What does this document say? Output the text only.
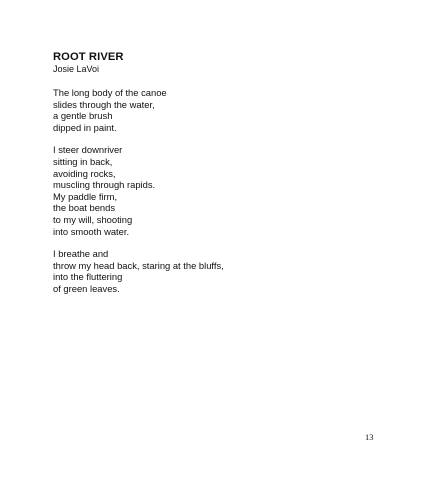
ROOT RIVER
Josie LaVoi
The long body of the canoe
slides through the water,
a gentle brush
dipped in paint.
I steer downriver
sitting in back,
avoiding rocks,
muscling through rapids.
My paddle firm,
the boat bends
to my will, shooting
into smooth water.
I breathe and
throw my head back, staring at the bluffs,
into the fluttering
of green leaves.
13
